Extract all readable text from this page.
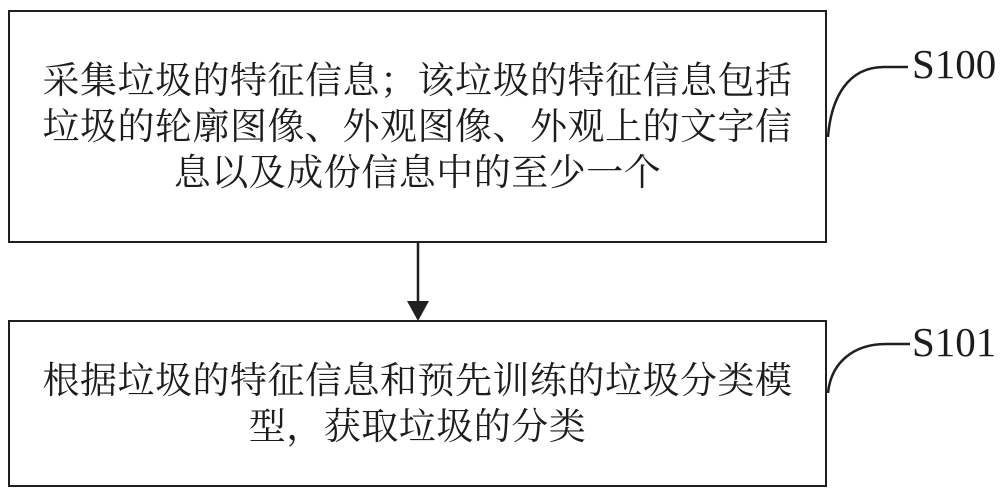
采集垃圾的特征信息；该垃圾的特征信息包括
垃圾的轮廓图像、外观图像、外观上的文字信
息以及成份信息中的至少一个
根据垃圾的特征信息和预先训练的垃圾分类模
型，获取垃圾的分类
S100
S101
